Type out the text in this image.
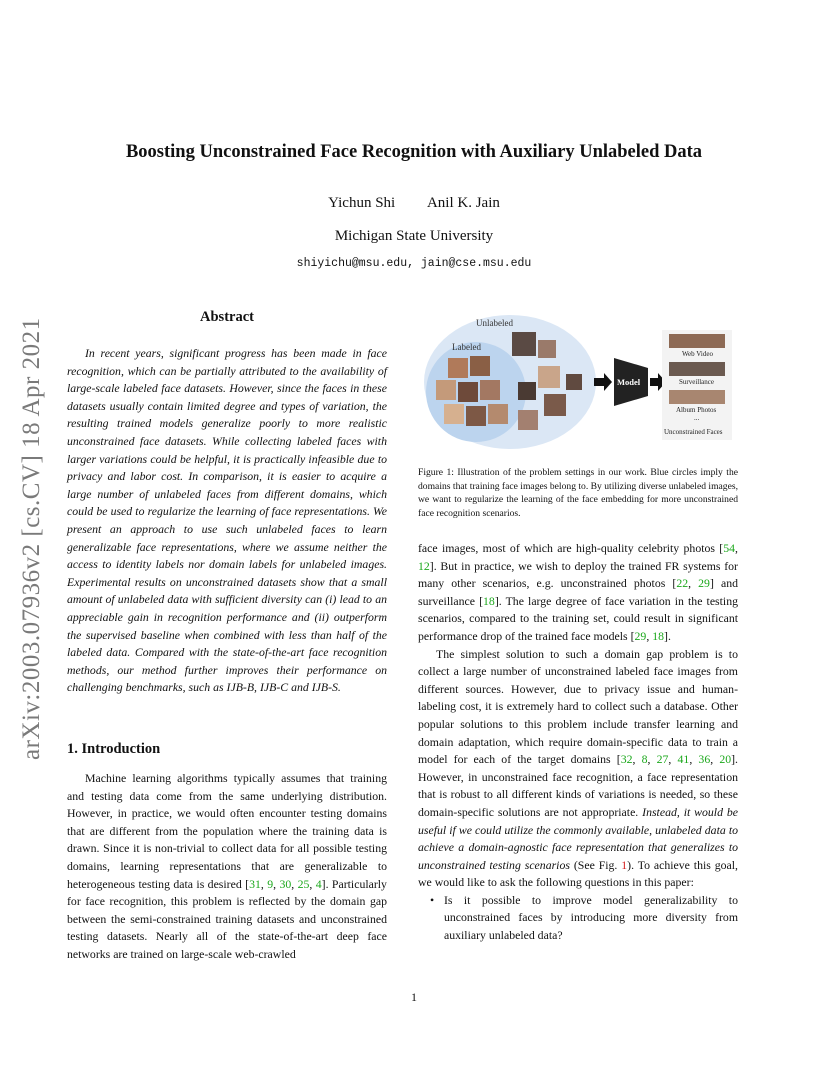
arXiv:2003.07936v2 [cs.CV] 18 Apr 2021
Boosting Unconstrained Face Recognition with Auxiliary Unlabeled Data
Yichun Shi Anil K. Jain
Michigan State University
shiyichu@msu.edu, jain@cse.msu.edu
Abstract

In recent years, significant progress has been made in face recognition, which can be partially attributed to the availability of large-scale labeled face datasets. However, since the faces in these datasets usually contain limited degree and types of variation, the resulting trained models generalize poorly to more realistic unconstrained face datasets. While collecting labeled faces with larger variations could be helpful, it is practically infeasible due to privacy and labor cost. In comparison, it is easier to acquire a large number of unlabeled faces from different domains, which could be used to regularize the learning of face representations. We present an approach to use such unlabeled faces to learn generalizable face representations, where we assume neither the access to identity labels nor domain labels for unlabeled images. Experimental results on unconstrained datasets show that a small amount of unlabeled data with sufficient diversity can (i) lead to an appreciable gain in recognition performance and (ii) outperform the supervised baseline when combined with less than half of the labeled data. Compared with the state-of-the-art face recognition methods, our method further improves their performance on challenging benchmarks, such as IJB-B, IJB-C and IJB-S.

1. Introduction

Machine learning algorithms typically assumes that training and testing data come from the same underlying distribution. However, in practice, we would often encounter testing domains that are different from the population where the training data is drawn. Since it is non-trivial to collect data for all possible testing domains, learning representations that are generalizable to heterogeneous testing data is desired [31, 9, 30, 25, 4]. Particularly for face recognition, this problem is reflected by the domain gap between the semi-constrained training datasets and unconstrained testing datasets. Nearly all of the state-of-the-art deep face networks are trained on large-scale web-crawled

Unlabeled
Labeled
Model
Web Video
Surveillance
Album Photos
...
Unconstrained Faces

Figure 1: Illustration of the problem settings in our work. Blue circles imply the domains that training face images belong to. By utilizing diverse unlabeled images, we want to regularize the learning of the face embedding for more unconstrained face recognition scenarios.

face images, most of which are high-quality celebrity photos [54, 12]. But in practice, we wish to deploy the trained FR systems for many other scenarios, e.g. unconstrained photos [22, 29] and surveillance [18]. The large degree of face variation in the testing scenarios, compared to the training set, could result in significant performance drop of the trained face models [29, 18].

The simplest solution to such a domain gap problem is to collect a large number of unconstrained labeled face images from different sources. However, due to privacy issue and human-labeling cost, it is extremely hard to collect such a database. Other popular solutions to this problem include transfer learning and domain adaptation, which require domain-specific data to train a model for each of the target domains [32, 8, 27, 41, 36, 20]. However, in unconstrained face recognition, a face representation that is robust to all different kinds of variations is needed, so these domain-specific solutions are not appropriate. Instead, it would be useful if we could utilize the commonly available, unlabeled data to achieve a domain-agnostic face representation that generalizes to unconstrained testing scenarios (See Fig. 1). To achieve this goal, we would like to ask the following questions in this paper:

• Is it possible to improve model generalizability to unconstrained faces by introducing more diversity from auxiliary unlabeled data?
1
